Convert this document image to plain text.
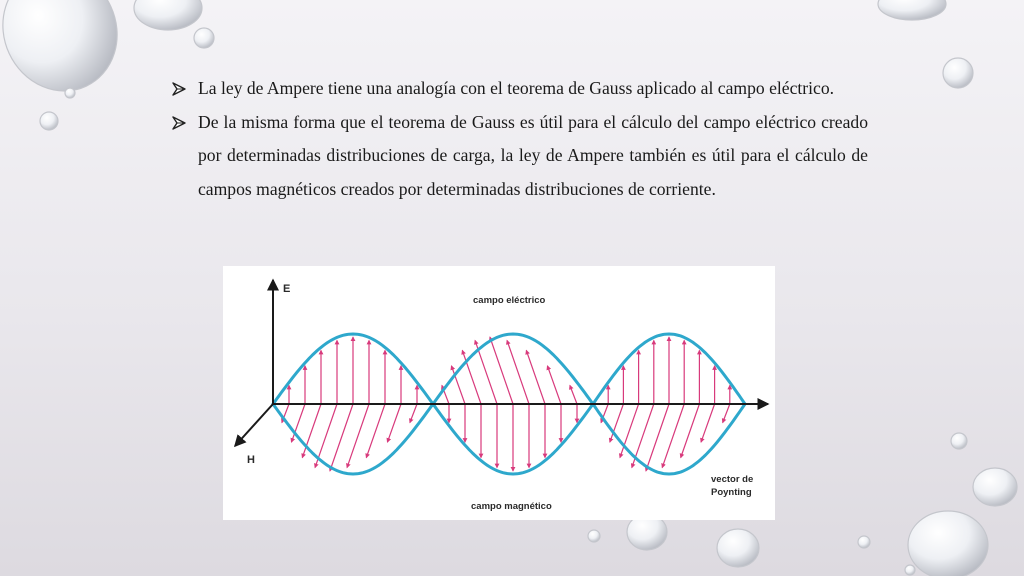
La ley de Ampere tiene una analogía con el teorema de Gauss aplicado al campo eléctrico.
De la misma forma que el teorema de Gauss es útil para el cálculo del campo eléctrico creado por determinadas distribuciones de carga, la ley de Ampere también es útil para el cálculo de campos magnéticos creados por determinadas distribuciones de corriente.
E
H
campo eléctrico
campo magnético
vector de
Poynting
